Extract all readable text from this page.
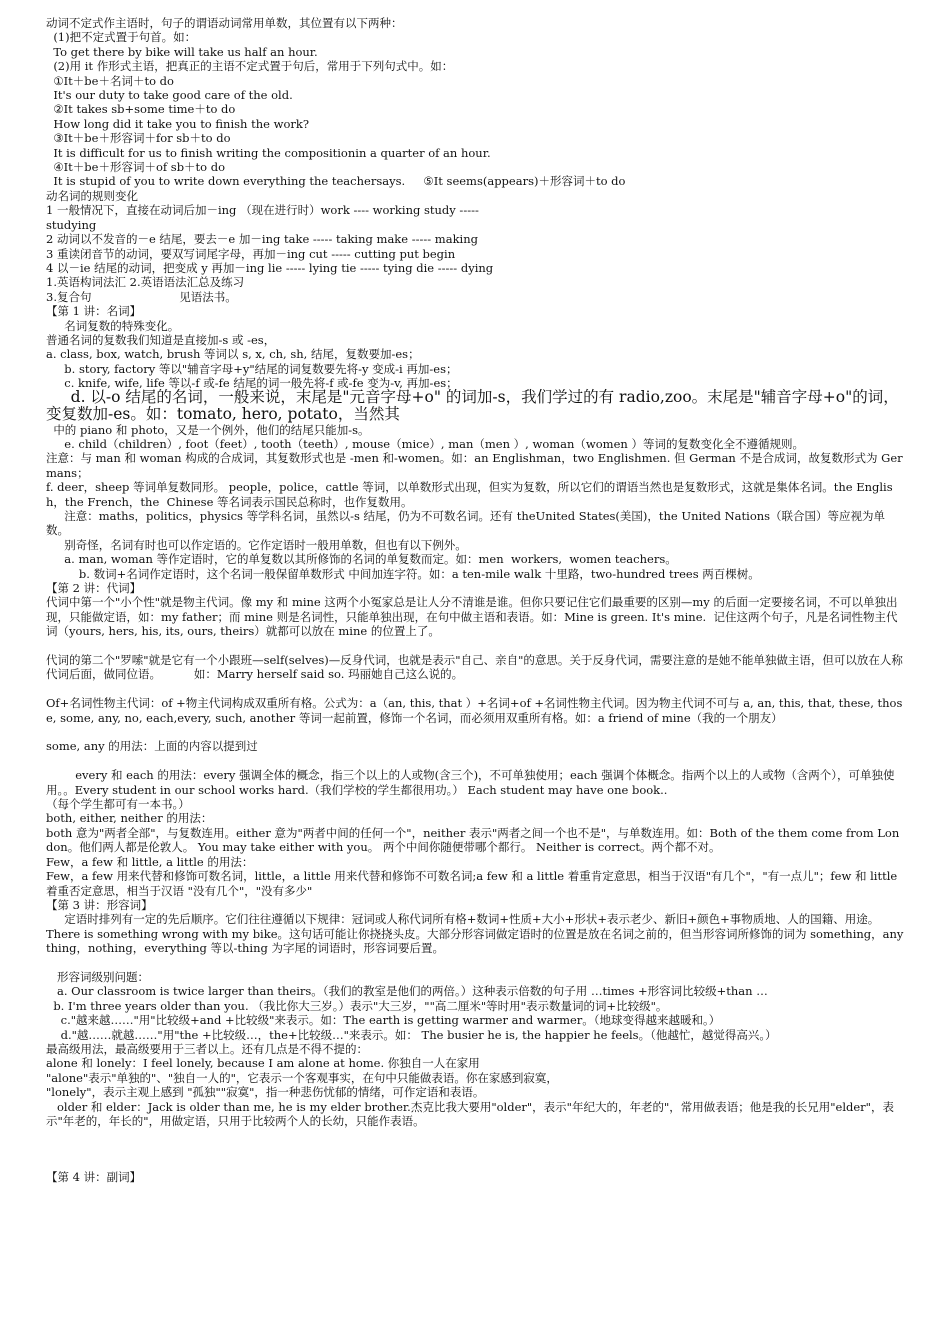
动词不定式作主语时，句子的谓语动词常用单数，其位置有以下两种：

(1)把不定式置于句首。如：

To get there by bike will take us half an hour.

(2)用 it 作形式主语，把真正的主语不定式置于句后，常用于下列句式中。如：

①It＋be＋名词＋to do

It's our duty to take good care of the old.

②It takes sb+some time＋to do

How long did it take you to finish the work?

③It＋be＋形容词＋for sb＋to do

It is difficult for us to finish writing the compositionin a quarter of an hour.

④It＋be＋形容词＋of sb＋to do

It is stupid of you to write down everything the teachersays.     ⑤It seems(appears)＋形容词＋to do

动名词的规则变化

1 一般情况下，直接在动词后加－ing （现在进行时）work ---- working study -----

studying

2 动词以不发音的－e 结尾，要去－e 加－ing take ----- taking make ----- making

3 重读闭音节的动词，要双写词尾字母，再加－ing cut ----- cutting put begin

4 以－ie 结尾的动词，把变成 y 再加－ing lie ----- lying tie ----- tying die ----- dying

1.英语构词法汇 2.英语语法汇总及练习

3.复合句                        见语法书。

【第 1 讲：名词】

名词复数的特殊变化。

普通名词的复数我们知道是直接加-s 或 -es，

a. class, box, watch, brush 等词以 s, x, ch, sh, 结尾，复数要加-es；

b. story, factory 等以"辅音字母+y"结尾的词复数要先将-y 变成-i 再加-es；

c. knife, wife, life 等以-f 或-fe 结尾的词一般先将-f 或-fe 变为-v, 再加-es；

d. 以-o 结尾的名词，一般来说，末尾是"元音字母+o" 的词加-s，我们学过的有 radio,zoo。末尾是"辅音字母+o"的词，变复数加-es。如：tomato, hero, potato，当然其

中的 piano 和 photo，又是一个例外，他们的结尾只能加-s。

e. child（children）, foot（feet）, tooth（teeth）, mouse（mice）, man（men ）, woman（women ）等词的复数变化全不遵循规则。

注意：与 man 和 woman 构成的合成词，其复数形式也是 -men 和-women。如：an Englishman，two Englishmen. 但 German 不是合成词，故复数形式为 Germans；

f. deer，sheep 等词单复数同形。 people，police，cattle 等词，以单数形式出现，但实为复数，所以它们的谓语当然也是复数形式，这就是集体名词。the English，the French，the  Chinese 等名词表示国民总称时，也作复数用。

注意：maths，politics，physics 等学科名词，虽然以-s 结尾，仍为不可数名词。还有 theUnited States(美国)，the United Nations（联合国）等应视为单数。

别奇怪，名词有时也可以作定语的。它作定语时一般用单数，但也有以下例外。

a. man, woman 等作定语时，它的单复数以其所修饰的名词的单复数而定。如：men  workers,  women teachers。

b. 数词+名词作定语时，这个名词一般保留单数形式 中间加连字符。如：a ten-mile walk 十里路，two-hundred trees 两百棵树。

【第 2 讲：代词】

代词中第一个"小个性"就是物主代词。像 my 和 mine 这两个小冤家总是让人分不清谁是谁。但你只要记住它们最重要的区别—my 的后面一定要接名词，不可以单独出现，只能做定语，如：my father；而 mine 则是名词性，只能单独出现，在句中做主语和表语。如：Mine is green. It's mine.  记住这两个句子，凡是名词性物主代词（yours, hers, his, its, ours, theirs）就都可以放在 mine 的位置上了。

代词的第二个"罗嗦"就是它有一个小跟班—self(selves)—反身代词，也就是表示"自己、亲自"的意思。关于反身代词，需要注意的是她不能单独做主语，但可以放在人称代词后面，做同位语。         如：Marry herself said so. 玛丽她自己这么说的。

Of+名词性物主代词：of +物主代词构成双重所有格。公式为：a（an, this, that ）+名词+of +名词性物主代词。因为物主代词不可与 a, an, this, that, these, those, some, any, no, each,every, such, another 等词一起前置，修饰一个名词，而必须用双重所有格。如：a friend of mine（我的一个朋友）

some, any 的用法：上面的内容以提到过

every 和 each 的用法：every 强调全体的概念，指三个以上的人或物(含三个)，不可单独使用；each 强调个体概念。指两个以上的人或物（含两个），可单独使用。。Every student in our school works hard.（我们学校的学生都很用功。） Each student may have one book..

（每个学生都可有一本书。）

both, either, neither 的用法：

both 意为"两者全部"，与复数连用。either 意为"两者中间的任何一个"，neither 表示"两者之间一个也不是"，与单数连用。如：Both of the them come from London。他们两人都是伦敦人。 You may take either with you。 两个中间你随便带哪个都行。 Neither is correct。两个都不对。

Few，a few 和 little, a little 的用法：

Few，a few 用来代替和修饰可数名词，little，a little 用来代替和修饰不可数名词;a few 和 a little 着重肯定意思，相当于汉语"有几个"，"有一点儿"；few 和 little 着重否定意思，相当于汉语 "没有几个"，"没有多少"

【第 3 讲：形容词】

定语时排列有一定的先后顺序。它们往往遵循以下规律：冠词或人称代词所有格+数词+性质+大小+形状+表示老少、新旧+颜色+事物质地、人的国籍、用途。

There is something wrong with my bike。这句话可能让你挠挠头皮。大部分形容词做定语时的位置是放在名词之前的，但当形容词所修饰的词为 something，anything，nothing，everything 等以-thing 为字尾的词语时，形容词要后置。

形容词级别问题：

a. Our classroom is twice larger than theirs。（我们的教室是他们的两倍。）这种表示倍数的句子用 …times +形容词比较级+than …

b. I'm three years older than you. （我比你大三岁。）表示"大三岁，""高二厘米"等时用"表示数量词的词+比较级"。

c."越来越……"用"比较级+and +比较级"来表示。如：The earth is getting warmer and warmer。（地球变得越来越暖和。）

d."越……就越……"用"the +比较级…，the+比较级…"来表示。如： The busier he is, the happier he feels。（他越忙，越觉得高兴。）

最高级用法，最高级要用于三者以上。还有几点是不得不提的：

alone 和 lonely：I feel lonely, because I am alone at home. 你独自一人在家用

"alone"表示"单独的"、"独自一人的"，它表示一个客观事实，在句中只能做表语。你在家感到寂寞，

"lonely"，表示主观上感到 "孤独""寂寞"，指一种悲伤忧郁的情绪，可作定语和表语。

older 和 elder：Jack is older than me, he is my elder brother.杰克比我大要用"older"，表示"年纪大的，年老的"，常用做表语；他是我的长兄用"elder"，表示"年老的，年长的"，用做定语，只用于比较两个人的长幼，只能作表语。

【第 4 讲：副词】
